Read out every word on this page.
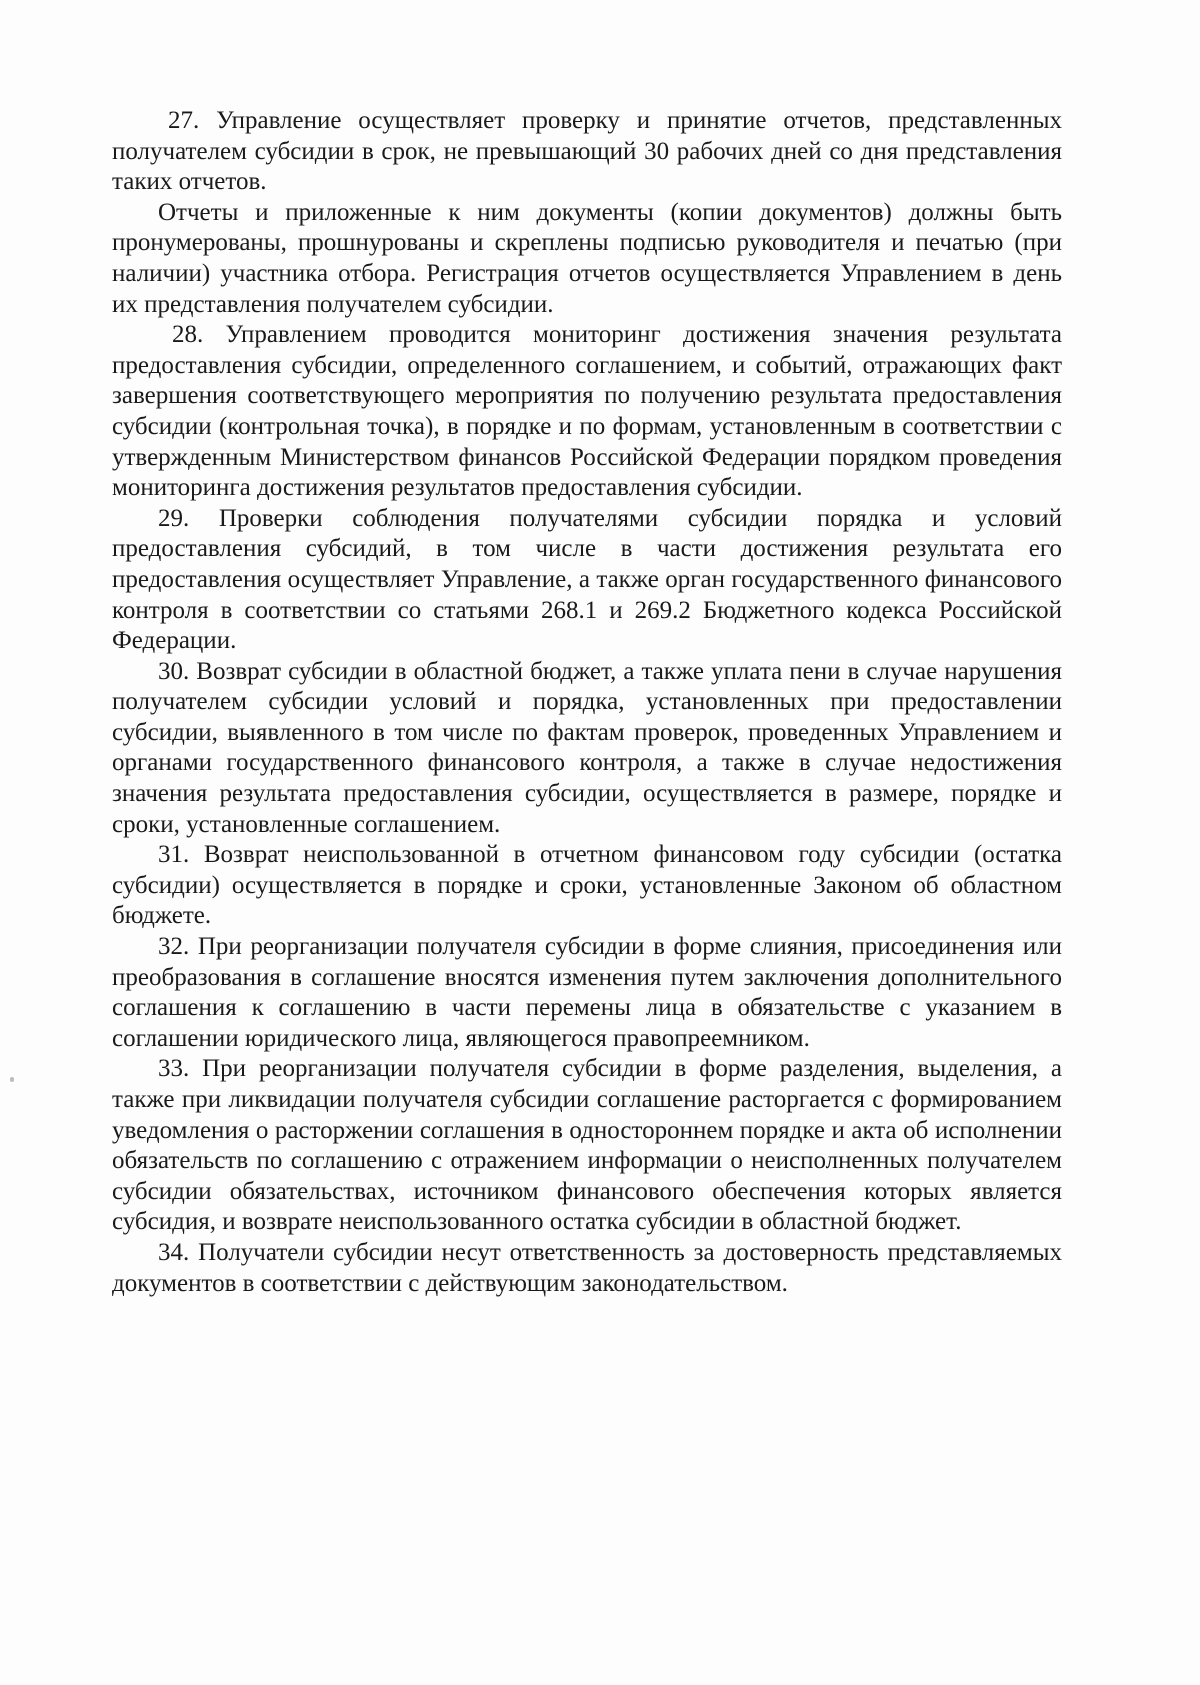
27. Управление осуществляет проверку и принятие отчетов, представленных получателем субсидии в срок, не превышающий 30 рабочих дней со дня представления таких отчетов.

Отчеты и приложенные к ним документы (копии документов) должны быть пронумерованы, прошнурованы и скреплены подписью руководителя и печатью (при наличии) участника отбора. Регистрация отчетов осуществляется Управлением в день их представления получателем субсидии.

28. Управлением проводится мониторинг достижения значения результата предоставления субсидии, определенного соглашением, и событий, отражающих факт завершения соответствующего мероприятия по получению результата предоставления субсидии (контрольная точка), в порядке и по формам, установленным в соответствии с утвержденным Министерством финансов Российской Федерации порядком проведения мониторинга достижения результатов предоставления субсидии.

29. Проверки соблюдения получателями субсидии порядка и условий предоставления субсидий, в том числе в части достижения результата его предоставления осуществляет Управление, а также орган государственного финансового контроля в соответствии со статьями 268.1 и 269.2 Бюджетного кодекса Российской Федерации.

30. Возврат субсидии в областной бюджет, а также уплата пени в случае нарушения получателем субсидии условий и порядка, установленных при предоставлении субсидии, выявленного в том числе по фактам проверок, проведенных Управлением и органами государственного финансового контроля, а также в случае недостижения значения результата предоставления субсидии, осуществляется в размере, порядке и сроки, установленные соглашением.

31. Возврат неиспользованной в отчетном финансовом году субсидии (остатка субсидии) осуществляется в порядке и сроки, установленные Законом об областном бюджете.

32. При реорганизации получателя субсидии в форме слияния, присоединения или преобразования в соглашение вносятся изменения путем заключения дополнительного соглашения к соглашению в части перемены лица в обязательстве с указанием в соглашении юридического лица, являющегося правопреемником.

33. При реорганизации получателя субсидии в форме разделения, выделения, а также при ликвидации получателя субсидии соглашение расторгается с формированием уведомления о расторжении соглашения в одностороннем порядке и акта об исполнении обязательств по соглашению с отражением информации о неисполненных получателем субсидии обязательствах, источником финансового обеспечения которых является субсидия, и возврате неиспользованного остатка субсидии в областной бюджет.

34. Получатели субсидии несут ответственность за достоверность представляемых документов в соответствии с действующим законодательством.
